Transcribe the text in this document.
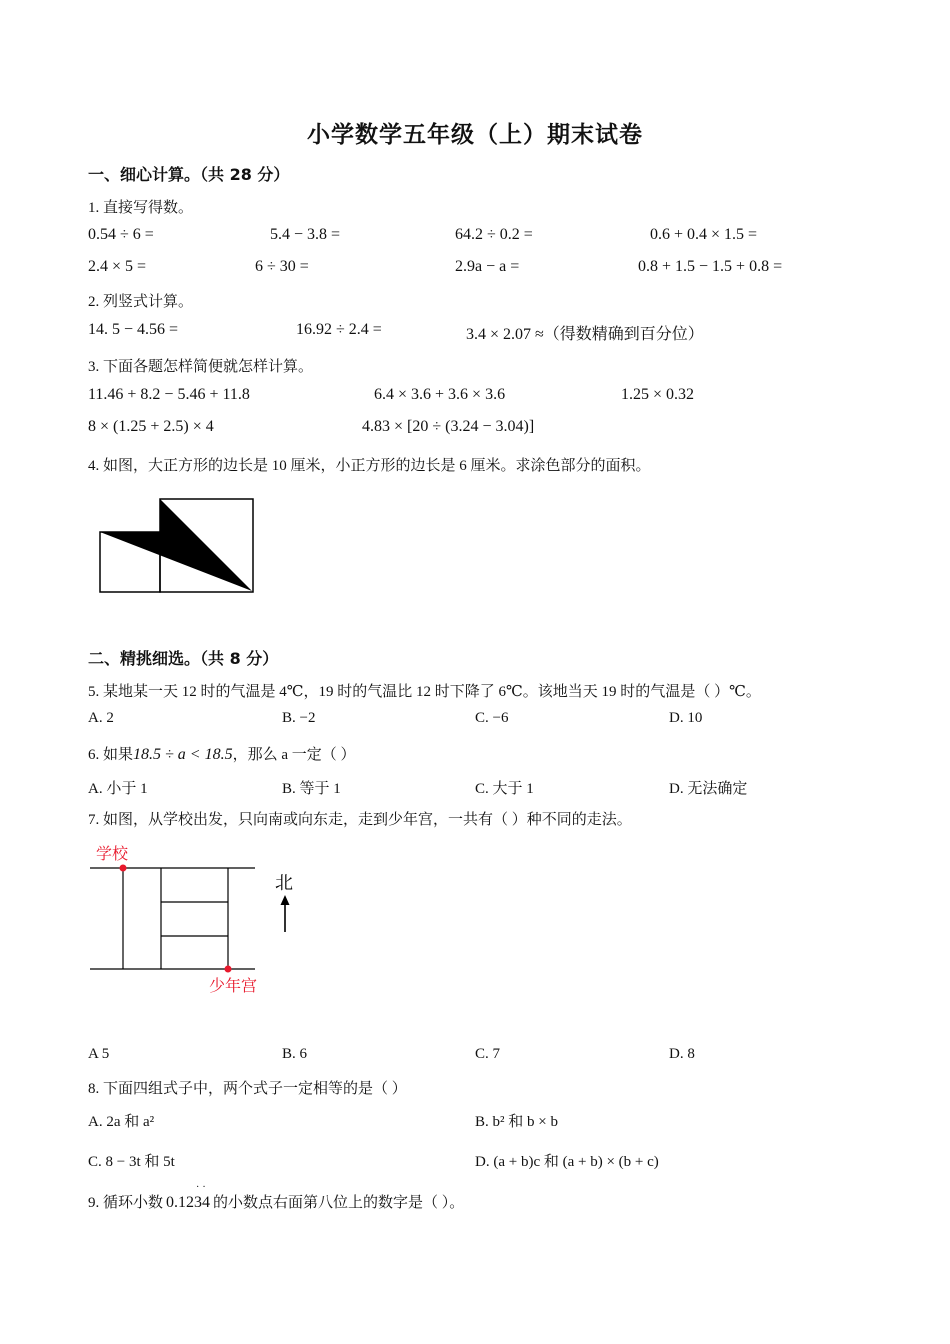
小学数学五年级（上）期末试卷
一、细心计算。（共 28 分）
1. 直接写得数。
0.54 ÷ 6 =	5.4 − 3.8 =	64.2 ÷ 0.2 =	0.6 + 0.4 × 1.5 =
2.4 × 5 =	6 ÷ 30 =	2.9a − a =	0.8 + 1.5 − 1.5 + 0.8 =
2. 列竖式计算。
14. 5 − 4.56 =	16.92 ÷ 2.4 =	3.4 × 2.07 ≈（得数精确到百分位）
3. 下面各题怎样简便就怎样计算。
11.46 + 8.2 − 5.46 + 11.8	6.4 × 3.6 + 3.6 × 3.6	1.25 × 0.32
8 × (1.25 + 2.5) × 4	4.83 × [20 ÷ (3.24 − 3.04)]
4. 如图，大正方形的边长是 10 厘米，小正方形的边长是 6 厘米。求涂色部分的面积。
二、精挑细选。（共 8 分）
5. 某地某一天 12 时的气温是 4℃，19 时的气温比 12 时下降了 6℃。该地当天 19 时的气温是（ ）℃。
A. 2	B. −2	C. −6	D. 10
6. 如果18.5 ÷ a < 18.5，那么 a 一定（ ）
A. 小于 1	B. 等于 1	C. 大于 1	D. 无法确定
7. 如图，从学校出发，只向南或向东走，走到少年宫，一共有（ ）种不同的走法。
学校
少年宫
北
A 5	B. 6	C. 7	D. 8
8. 下面四组式子中，两个式子一定相等的是（ ）
A. 2a 和 a²	B. b² 和 b × b
C. 8 − 3t 和 5t	D. (a + b)c 和 (a + b) × (b + c)
9. 循环小数 0.1234
··
的小数点右面第八位上的数字是（ ）。
